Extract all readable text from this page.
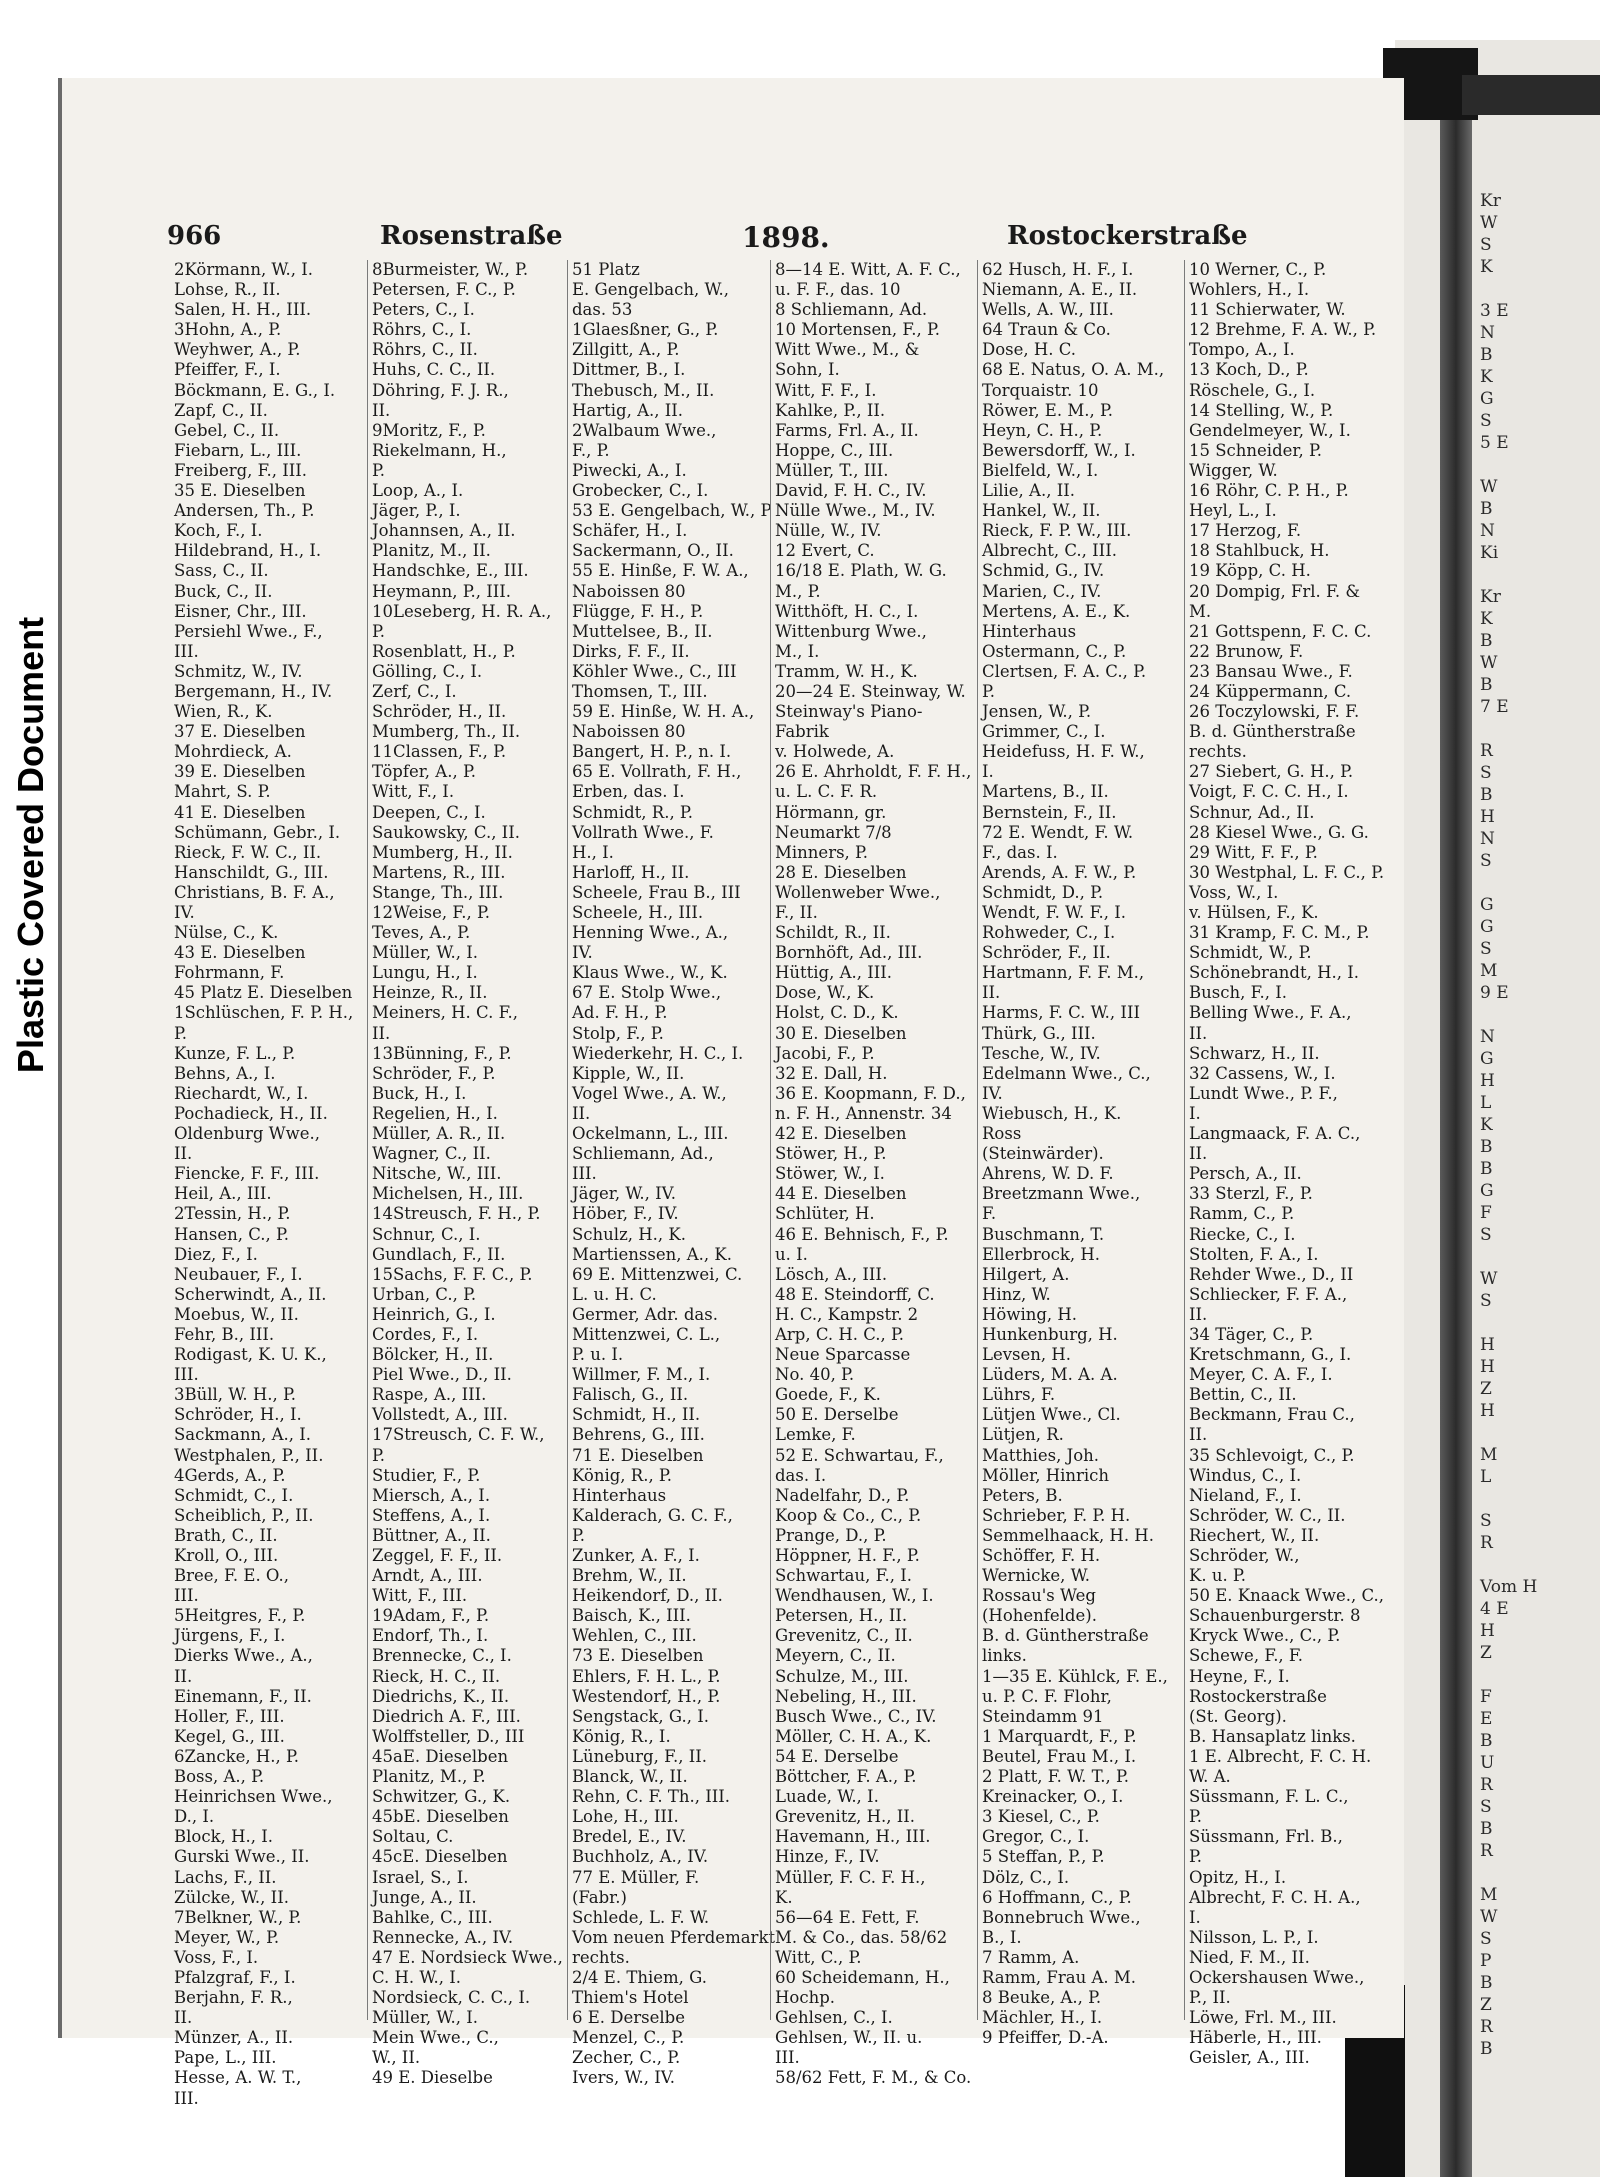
Plastic Covered Document
Kr
W
S
K

3 E
N
B
K
G
S
5 E

W
B
N
Ki

Kr
K
B
W
B
7 E

R
S
B
H
N
S

G
G
S
M
9 E

N
G
H
L
K
B
B
G
F
S

W
S

H
H
Z
H

M
L

S
R

Vom H
4 E
H
Z

F
E
B
U
R
S
B
R

M
W
S
P
B
Z
R
B
966	Rosenstraße	1898.	Rostockerstraße
2Körmann, W., I.
Lohse, R., II.
Salen, H. H., III.
3Hohn, A., P.
Weyhwer, A., P.
Pfeiffer, F., I.
Böckmann, E. G., I.
Zapf, C., II.
Gebel, C., II.
Fiebarn, L., III.
Freiberg, F., III.
35 E. Dieselben
Andersen, Th., P.
Koch, F., I.
Hildebrand, H., I.
Sass, C., II.
Buck, C., II.
Eisner, Chr., III.
Persiehl Wwe., F.,
III.
Schmitz, W., IV.
Bergemann, H., IV.
Wien, R., K.
37 E. Dieselben
Mohrdieck, A.
39 E. Dieselben
Mahrt, S. P.
41 E. Dieselben
Schümann, Gebr., I.
Rieck, F. W. C., II.
Hanschildt, G., III.
Christians, B. F. A.,
IV.
Nülse, C., K.
43 E. Dieselben
Fohrmann, F.
45 Platz E. Dieselben
1Schlüschen, F. P. H.,
P.
Kunze, F. L., P.
Behns, A., I.
Riechardt, W., I.
Pochadieck, H., II.
Oldenburg Wwe.,
II.
Fiencke, F. F., III.
Heil, A., III.
2Tessin, H., P.
Hansen, C., P.
Diez, F., I.
Neubauer, F., I.
Scherwindt, A., II.
Moebus, W., II.
Fehr, B., III.
Rodigast, K. U. K.,
III.
3Büll, W. H., P.
Schröder, H., I.
Sackmann, A., I.
Westphalen, P., II.
4Gerds, A., P.
Schmidt, C., I.
Scheiblich, P., II.
Brath, C., II.
Kroll, O., III.
Bree, F. E. O.,
III.
5Heitgres, F., P.
Jürgens, F., I.
Dierks Wwe., A.,
II.
Einemann, F., II.
Holler, F., III.
Kegel, G., III.
6Zancke, H., P.
Boss, A., P.
Heinrichsen Wwe.,
D., I.
Block, H., I.
Gurski Wwe., II.
Lachs, F., II.
Zülcke, W., II.
7Belkner, W., P.
Meyer, W., P.
Voss, F., I.
Pfalzgraf, F., I.
Berjahn, F. R.,
II.
Münzer, A., II.
Pape, L., III.
Hesse, A. W. T.,
III.
8Burmeister, W., P.
Petersen, F. C., P.
Peters, C., I.
Röhrs, C., I.
Röhrs, C., II.
Huhs, C. C., II.
Döhring, F. J. R.,
II.
9Moritz, F., P.
Riekelmann, H.,
P.
Loop, A., I.
Jäger, P., I.
Johannsen, A., II.
Planitz, M., II.
Handschke, E., III.
Heymann, P., III.
10Leseberg, H. R. A.,
P.
Rosenblatt, H., P.
Gölling, C., I.
Zerf, C., I.
Schröder, H., II.
Mumberg, Th., II.
11Classen, F., P.
Töpfer, A., P.
Witt, F., I.
Deepen, C., I.
Saukowsky, C., II.
Mumberg, H., II.
Martens, R., III.
Stange, Th., III.
12Weise, F., P.
Teves, A., P.
Müller, W., I.
Lungu, H., I.
Heinze, R., II.
Meiners, H. C. F.,
II.
13Bünning, F., P.
Schröder, F., P.
Buck, H., I.
Regelien, H., I.
Müller, A. R., II.
Wagner, C., II.
Nitsche, W., III.
Michelsen, H., III.
14Streusch, F. H., P.
Schnur, C., I.
Gundlach, F., II.
15Sachs, F. F. C., P.
Urban, C., P.
Heinrich, G., I.
Cordes, F., I.
Bölcker, H., II.
Piel Wwe., D., II.
Raspe, A., III.
Vollstedt, A., III.
17Streusch, C. F. W.,
P.
Studier, F., P.
Miersch, A., I.
Steffens, A., I.
Büttner, A., II.
Zeggel, F. F., II.
Arndt, A., III.
Witt, F., III.
19Adam, F., P.
Endorf, Th., I.
Brennecke, C., I.
Rieck, H. C., II.
Diedrichs, K., II.
Diedrich A. F., III.
Wolffsteller, D., III
45aE. Dieselben
Planitz, M., P.
Schwitzer, G., K.
45bE. Dieselben
Soltau, C.
45cE. Dieselben
Israel, S., I.
Junge, A., II.
Bahlke, C., III.
Rennecke, A., IV.
47 E. Nordsieck Wwe.,
C. H. W., I.
Nordsieck, C. C., I.
Müller, W., I.
Mein Wwe., C.,
W., II.
49 E. Dieselbe
51 Platz
E. Gengelbach, W.,
das. 53
1Glaesßner, G., P.
Zillgitt, A., P.
Dittmer, B., I.
Thebusch, M., II.
Hartig, A., II.
2Walbaum Wwe.,
F., P.
Piwecki, A., I.
Grobecker, C., I.
53 E. Gengelbach, W., P
Schäfer, H., I.
Sackermann, O., II.
55 E. Hinße, F. W. A.,
Naboissen 80
Flügge, F. H., P.
Muttelsee, B., II.
Dirks, F. F., II.
Köhler Wwe., C., III
Thomsen, T., III.
59 E. Hinße, W. H. A.,
Naboissen 80
Bangert, H. P., n. I.
65 E. Vollrath, F. H.,
Erben, das. I.
Schmidt, R., P.
Vollrath Wwe., F.
H., I.
Harloff, H., II.
Scheele, Frau B., III
Scheele, H., III.
Henning Wwe., A.,
IV.
Klaus Wwe., W., K.
67 E. Stolp Wwe.,
Ad. F. H., P.
Stolp, F., P.
Wiederkehr, H. C., I.
Kipple, W., II.
Vogel Wwe., A. W.,
II.
Ockelmann, L., III.
Schliemann, Ad.,
III.
Jäger, W., IV.
Höber, F., IV.
Schulz, H., K.
Martienssen, A., K.
69 E. Mittenzwei, C.
L. u. H. C.
Germer, Adr. das.
Mittenzwei, C. L.,
P. u. I.
Willmer, F. M., I.
Falisch, G., II.
Schmidt, H., II.
Behrens, G., III.
71 E. Dieselben
König, R., P.
Hinterhaus
Kalderach, G. C. F.,
P.
Zunker, A. F., I.
Brehm, W., II.
Heikendorf, D., II.
Baisch, K., III.
Wehlen, C., III.
73 E. Dieselben
Ehlers, F. H. L., P.
Westendorf, H., P.
Sengstack, G., I.
König, R., I.
Lüneburg, F., II.
Blanck, W., II.
Rehn, C. F. Th., III.
Lohe, H., III.
Bredel, E., IV.
Buchholz, A., IV.
77 E. Müller, F.
(Fabr.)
Schlede, L. F. W.
Vom neuen Pferdemarkt
rechts.
2/4 E. Thiem, G.
Thiem's Hotel
6 E. Derselbe
Menzel, C., P.
Zecher, C., P.
Ivers, W., IV.
8—14 E. Witt, A. F. C.,
u. F. F., das. 10
8 Schliemann, Ad.
10 Mortensen, F., P.
Witt Wwe., M., &
Sohn, I.
Witt, F. F., I.
Kahlke, P., II.
Farms, Frl. A., II.
Hoppe, C., III.
Müller, T., III.
David, F. H. C., IV.
Nülle Wwe., M., IV.
Nülle, W., IV.
12 Evert, C.
16/18 E. Plath, W. G.
M., P.
Witthöft, H. C., I.
Wittenburg Wwe.,
M., I.
Tramm, W. H., K.
20—24 E. Steinway, W.
Steinway's Piano-
Fabrik
v. Holwede, A.
26 E. Ahrholdt, F. F. H.,
u. L. C. F. R.
Hörmann, gr.
Neumarkt 7/8
Minners, P.
28 E. Dieselben
Wollenweber Wwe.,
F., II.
Schildt, R., II.
Bornhöft, Ad., III.
Hüttig, A., III.
Dose, W., K.
Holst, C. D., K.
30 E. Dieselben
Jacobi, F., P.
32 E. Dall, H.
36 E. Koopmann, F. D.,
n. F. H., Annenstr. 34
42 E. Dieselben
Stöwer, H., P.
Stöwer, W., I.
44 E. Dieselben
Schlüter, H.
46 E. Behnisch, F., P.
u. I.
Lösch, A., III.
48 E. Steindorff, C.
H. C., Kampstr. 2
Arp, C. H. C., P.
Neue Sparcasse
No. 40, P.
Goede, F., K.
50 E. Derselbe
Lemke, F.
52 E. Schwartau, F.,
das. I.
Nadelfahr, D., P.
Koop & Co., C., P.
Prange, D., P.
Höppner, H. F., P.
Schwartau, F., I.
Wendhausen, W., I.
Petersen, H., II.
Grevenitz, C., II.
Meyern, C., II.
Schulze, M., III.
Nebeling, H., III.
Busch Wwe., C., IV.
Möller, C. H. A., K.
54 E. Derselbe
Böttcher, F. A., P.
Luade, W., I.
Grevenitz, H., II.
Havemann, H., III.
Hinze, F., IV.
Müller, F. C. F. H.,
K.
56—64 E. Fett, F.
M. & Co., das. 58/62
Witt, C., P.
60 Scheidemann, H.,
Hochp.
Gehlsen, C., I.
Gehlsen, W., II. u.
III.
58/62 Fett, F. M., & Co.
62 Husch, H. F., I.
Niemann, A. E., II.
Wells, A. W., III.
64 Traun & Co.
Dose, H. C.
68 E. Natus, O. A. M.,
Torquaistr. 10
Röwer, E. M., P.
Heyn, C. H., P.
Bewersdorff, W., I.
Bielfeld, W., I.
Lilie, A., II.
Hankel, W., II.
Rieck, F. P. W., III.
Albrecht, C., III.
Schmid, G., IV.
Marien, C., IV.
Mertens, A. E., K.
Hinterhaus
Ostermann, C., P.
Clertsen, F. A. C., P.
P.
Jensen, W., P.
Grimmer, C., I.
Heidefuss, H. F. W.,
I.
Martens, B., II.
Bernstein, F., II.
72 E. Wendt, F. W.
F., das. I.
Arends, A. F. W., P.
Schmidt, D., P.
Wendt, F. W. F., I.
Rohweder, C., I.
Schröder, F., II.
Hartmann, F. F. M.,
II.
Harms, F. C. W., III
Thürk, G., III.
Tesche, W., IV.
Edelmann Wwe., C.,
IV.
Wiebusch, H., K.
Ross
(Steinwärder).
Ahrens, W. D. F.
Breetzmann Wwe.,
F.
Buschmann, T.
Ellerbrock, H.
Hilgert, A.
Hinz, W.
Höwing, H.
Hunkenburg, H.
Levsen, H.
Lüders, M. A. A.
Lührs, F.
Lütjen Wwe., Cl.
Lütjen, R.
Matthies, Joh.
Möller, Hinrich
Peters, B.
Schrieber, F. P. H.
Semmelhaack, H. H.
Schöffer, F. H.
Wernicke, W.
Rossau's Weg
(Hohenfelde).
B. d. Güntherstraße
links.
1—35 E. Kühlck, F. E.,
u. P. C. F. Flohr,
Steindamm 91
1 Marquardt, F., P.
Beutel, Frau M., I.
2 Platt, F. W. T., P.
Kreinacker, O., I.
3 Kiesel, C., P.
Gregor, C., I.
5 Steffan, P., P.
Dölz, C., I.
6 Hoffmann, C., P.
Bonnebruch Wwe.,
B., I.
7 Ramm, A.
Ramm, Frau A. M.
8 Beuke, A., P.
Mächler, H., I.
9 Pfeiffer, D.-A.
10 Werner, C., P.
Wohlers, H., I.
11 Schierwater, W.
12 Brehme, F. A. W., P.
Tompo, A., I.
13 Koch, D., P.
Röschele, G., I.
14 Stelling, W., P.
Gendelmeyer, W., I.
15 Schneider, P.
Wigger, W.
16 Röhr, C. P. H., P.
Heyl, L., I.
17 Herzog, F.
18 Stahlbuck, H.
19 Köpp, C. H.
20 Dompig, Frl. F. &
M.
21 Gottspenn, F. C. C.
22 Brunow, F.
23 Bansau Wwe., F.
24 Küppermann, C.
26 Toczylowski, F. F.
B. d. Güntherstraße
rechts.
27 Siebert, G. H., P.
Voigt, F. C. C. H., I.
Schnur, Ad., II.
28 Kiesel Wwe., G. G.
29 Witt, F. F., P.
30 Westphal, L. F. C., P.
Voss, W., I.
v. Hülsen, F., K.
31 Kramp, F. C. M., P.
Schmidt, W., P.
Schönebrandt, H., I.
Busch, F., I.
Belling Wwe., F. A.,
II.
Schwarz, H., II.
32 Cassens, W., I.
Lundt Wwe., P. F.,
I.
Langmaack, F. A. C.,
II.
Persch, A., II.
33 Sterzl, F., P.
Ramm, C., P.
Riecke, C., I.
Stolten, F. A., I.
Rehder Wwe., D., II
Schliecker, F. F. A.,
II.
34 Täger, C., P.
Kretschmann, G., I.
Meyer, C. A. F., I.
Bettin, C., II.
Beckmann, Frau C.,
II.
35 Schlevoigt, C., P.
Windus, C., I.
Nieland, F., I.
Schröder, W. C., II.
Riechert, W., II.
Schröder, W.,
K. u. P.
50 E. Knaack Wwe., C.,
Schauenburgerstr. 8
Kryck Wwe., C., P.
Schewe, F., F.
Heyne, F., I.
Rostockerstraße
(St. Georg).
B. Hansaplatz links.
1 E. Albrecht, F. C. H.
W. A.
Süssmann, F. L. C.,
P.
Süssmann, Frl. B.,
P.
Opitz, H., I.
Albrecht, F. C. H. A.,
I.
Nilsson, L. P., I.
Nied, F. M., II.
Ockershausen Wwe.,
P., II.
Löwe, Frl. M., III.
Häberle, H., III.
Geisler, A., III.
